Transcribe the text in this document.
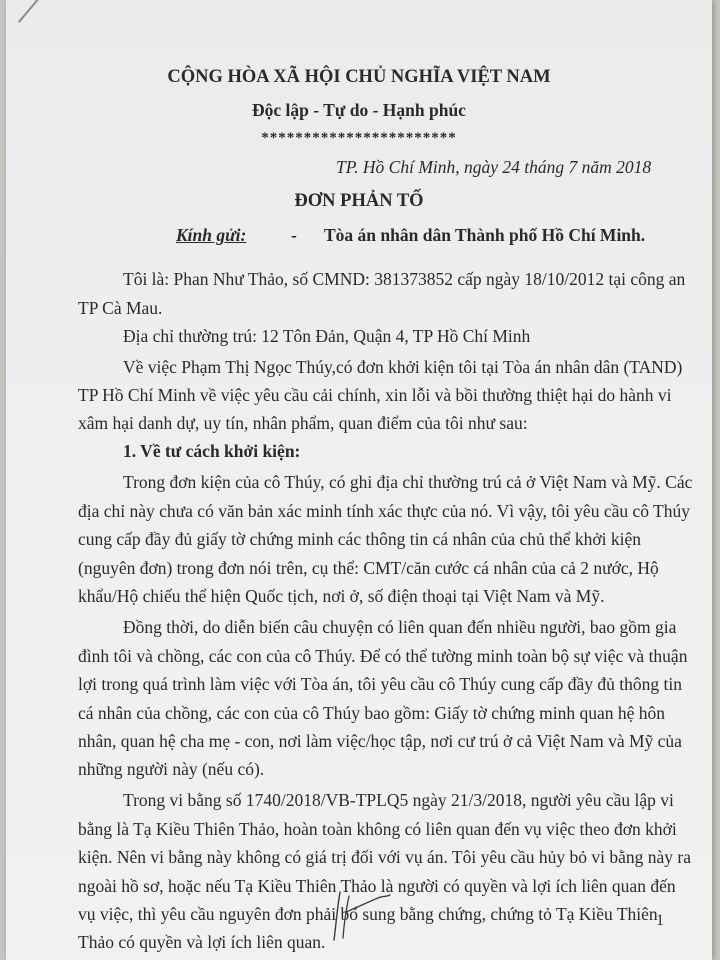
CỘNG HÒA XÃ HỘI CHỦ NGHĨA VIỆT NAM
Độc lập - Tự do - Hạnh phúc
***********************
TP. Hồ Chí Minh, ngày 24 tháng 7 năm 2018
ĐƠN PHẢN TỐ
Kính gửi:	- Tòa án nhân dân Thành phố Hồ Chí Minh.
Tôi là: Phan Như Thảo, số CMND: 381373852 cấp ngày 18/10/2012 tại công an
TP Cà Mau.
Địa chỉ thường trú: 12 Tôn Đản, Quận 4, TP Hồ Chí Minh
Về việc Phạm Thị Ngọc Thúy,có đơn khởi kiện tôi tại Tòa án nhân dân (TAND)
TP Hồ Chí Minh về việc yêu cầu cải chính, xin lỗi và bồi thường thiệt hại do hành vi
xâm hại danh dự, uy tín, nhân phẩm, quan điểm của tôi như sau:
1. Về tư cách khởi kiện:
Trong đơn kiện của cô Thúy, có ghi địa chỉ thường trú cả ở Việt Nam và Mỹ. Các
địa chỉ này chưa có văn bản xác minh tính xác thực của nó. Vì vậy, tôi yêu cầu cô Thúy
cung cấp đầy đủ giấy tờ chứng minh các thông tin cá nhân của chủ thể khởi kiện
(nguyên đơn) trong đơn nói trên, cụ thể: CMT/căn cước cá nhân của cả 2 nước, Hộ
khẩu/Hộ chiếu thể hiện Quốc tịch, nơi ở, số điện thoại tại Việt Nam và Mỹ.
Đồng thời, do diễn biến câu chuyện có liên quan đến nhiều người, bao gồm gia
đình tôi và chồng, các con của cô Thúy. Để có thể tường minh toàn bộ sự việc và thuận
lợi trong quá trình làm việc với Tòa án, tôi yêu cầu cô Thúy cung cấp đầy đủ thông tin
cá nhân của chồng, các con của cô Thúy bao gồm: Giấy tờ chứng minh quan hệ hôn
nhân, quan hệ cha mẹ - con, nơi làm việc/học tập, nơi cư trú ở cả Việt Nam và Mỹ của
những người này (nếu có).
Trong vi bằng số 1740/2018/VB-TPLQ5 ngày 21/3/2018, người yêu cầu lập vi
bằng là Tạ Kiều Thiên Thảo, hoàn toàn không có liên quan đến vụ việc theo đơn khởi
kiện. Nên vi bằng này không có giá trị đối với vụ án. Tôi yêu cầu hủy bỏ vi bằng này ra
ngoài hồ sơ, hoặc nếu Tạ Kiều Thiên Thảo là người có quyền và lợi ích liên quan đến
vụ việc, thì yêu cầu nguyên đơn phải bổ sung bằng chứng, chứng tỏ Tạ Kiều Thiên
Thảo có quyền và lợi ích liên quan.
1
